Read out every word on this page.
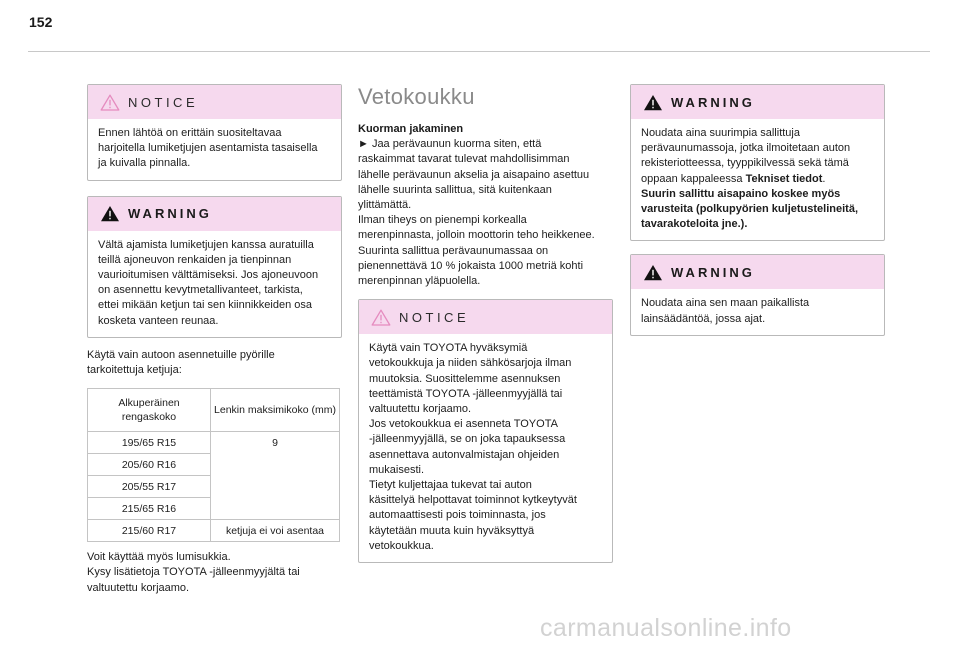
152
NOTICE
Ennen lähtöä on erittäin suositeltavaa
harjoitella lumiketjujen asentamista tasaisella
ja kuivalla pinnalla.
WARNING
Vältä ajamista lumiketjujen kanssa auratuilla
teillä ajoneuvon renkaiden ja tienpinnan
vaurioitumisen välttämiseksi. Jos ajoneuvoon
on asennettu kevytmetallivanteet, tarkista,
ettei mikään ketjun tai sen kiinnikkeiden osa
kosketa vanteen reunaa.
Käytä vain autoon asennetuille pyörille
tarkoitettuja ketjuja:
Alkuperäinen rengaskoko	Lenkin maksimikoko (mm)
195/65 R15	9
205/60 R16	
205/55 R17	
215/65 R16	
215/60 R17	ketjuja ei voi asentaa
Voit käyttää myös lumisukkia.
Kysy lisätietoja TOYOTA -jälleenmyyjältä tai
valtuutettu korjaamo.
Vetokoukku
Kuorman jakaminen
► Jaa perävaunun kuorma siten, että
raskaimmat tavarat tulevat mahdollisimman
lähelle perävaunun akselia ja aisapaino asettuu
lähelle suurinta sallittua, sitä kuitenkaan
ylittämättä.
Ilman tiheys on pienempi korkealla
merenpinnasta, jolloin moottorin teho heikkenee.
Suurinta sallittua perävaunumassaa on
pienennettävä 10 % jokaista 1000 metriä kohti
merenpinnan yläpuolella.
NOTICE
Käytä vain TOYOTA hyväksymiä
vetokoukkuja ja niiden sähkösarjoja ilman
muutoksia. Suosittelemme asennuksen
teettämistä TOYOTA -jälleenmyyjällä tai
valtuutettu korjaamo.
Jos vetokoukkua ei asenneta TOYOTA
-jälleenmyyjällä, se on joka tapauksessa
asennettava autonvalmistajan ohjeiden
mukaisesti.
Tietyt kuljettajaa tukevat tai auton
käsittelyä helpottavat toiminnot kytkeytyvät
automaattisesti pois toiminnasta, jos
käytetään muuta kuin hyväksyttyä
vetokoukkua.
WARNING
Noudata aina suurimpia sallittuja
perävaunumassoja, jotka ilmoitetaan auton
rekisteriotteessa, tyyppikilvessä sekä tämä
oppaan kappaleessa Tekniset tiedot.
Suurin sallittu aisapaino koskee myös
varusteita (polkupyörien kuljetustelineitä,
tavarakoteloita jne.).
WARNING
Noudata aina sen maan paikallista
lainsäädäntöä, jossa ajat.
carmanualsonline.info
